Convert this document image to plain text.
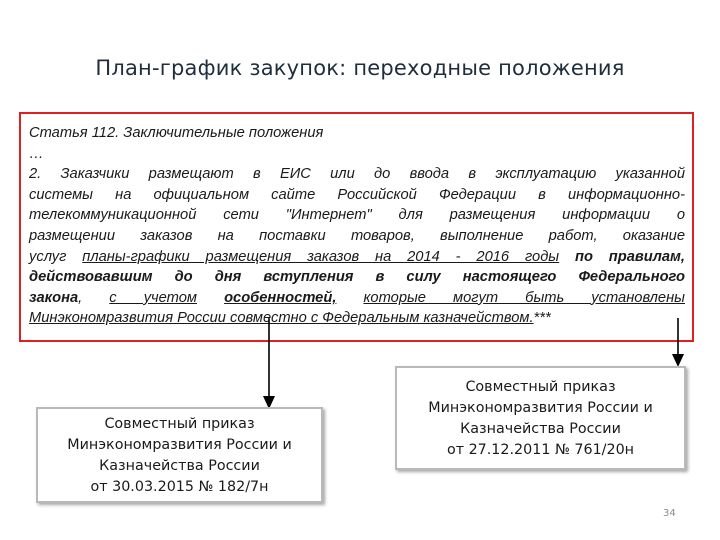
План-график закупок: переходные положения
Статья 112. Заключительные положения
…
2. Заказчики размещают в ЕИС или до ввода в эксплуатацию указанной
системы на официальном сайте Российской Федерации в информационно-
телекоммуникационной сети "Интернет" для размещения информации о
размещении заказов на поставки товаров, выполнение работ, оказание
услуг планы-графики размещения заказов на 2014 - 2016 годы по правилам,
действовавшим до дня вступления в силу настоящего Федерального
закона, с учетом особенностей, которые могут быть установлены
Минэкономразвития России совместно с Федеральным казначейством.***
Совместный приказ
Минэкономразвития России и
Казначейства России
от 30.03.2015 № 182/7н
Совместный приказ
Минэкономразвития России и
Казначейства России
от 27.12.2011 № 761/20н
34
